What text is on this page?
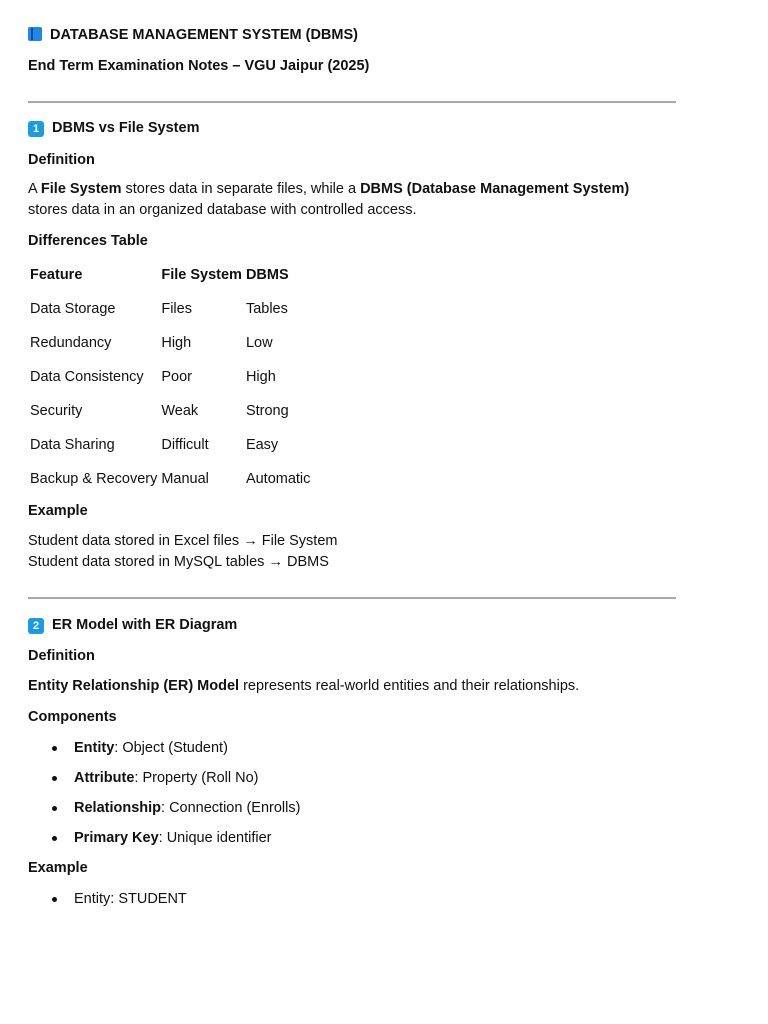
DATABASE MANAGEMENT SYSTEM (DBMS)
End Term Examination Notes – VGU Jaipur (2025)
1 DBMS vs File System
Definition
A File System stores data in separate files, while a DBMS (Database Management System)
stores data in an organized database with controlled access.
Differences Table
Feature	File System	DBMS
Data Storage	Files	Tables
Redundancy	High	Low
Data Consistency	Poor	High
Security	Weak	Strong
Data Sharing	Difficult	Easy
Backup & Recovery	Manual	Automatic
Example
Student data stored in Excel files → File System
Student data stored in MySQL tables → DBMS
2 ER Model with ER Diagram
Definition
Entity Relationship (ER) Model represents real-world entities and their relationships.
Components
Entity: Object (Student)
Attribute: Property (Roll No)
Relationship: Connection (Enrolls)
Primary Key: Unique identifier
Example
Entity: STUDENT
